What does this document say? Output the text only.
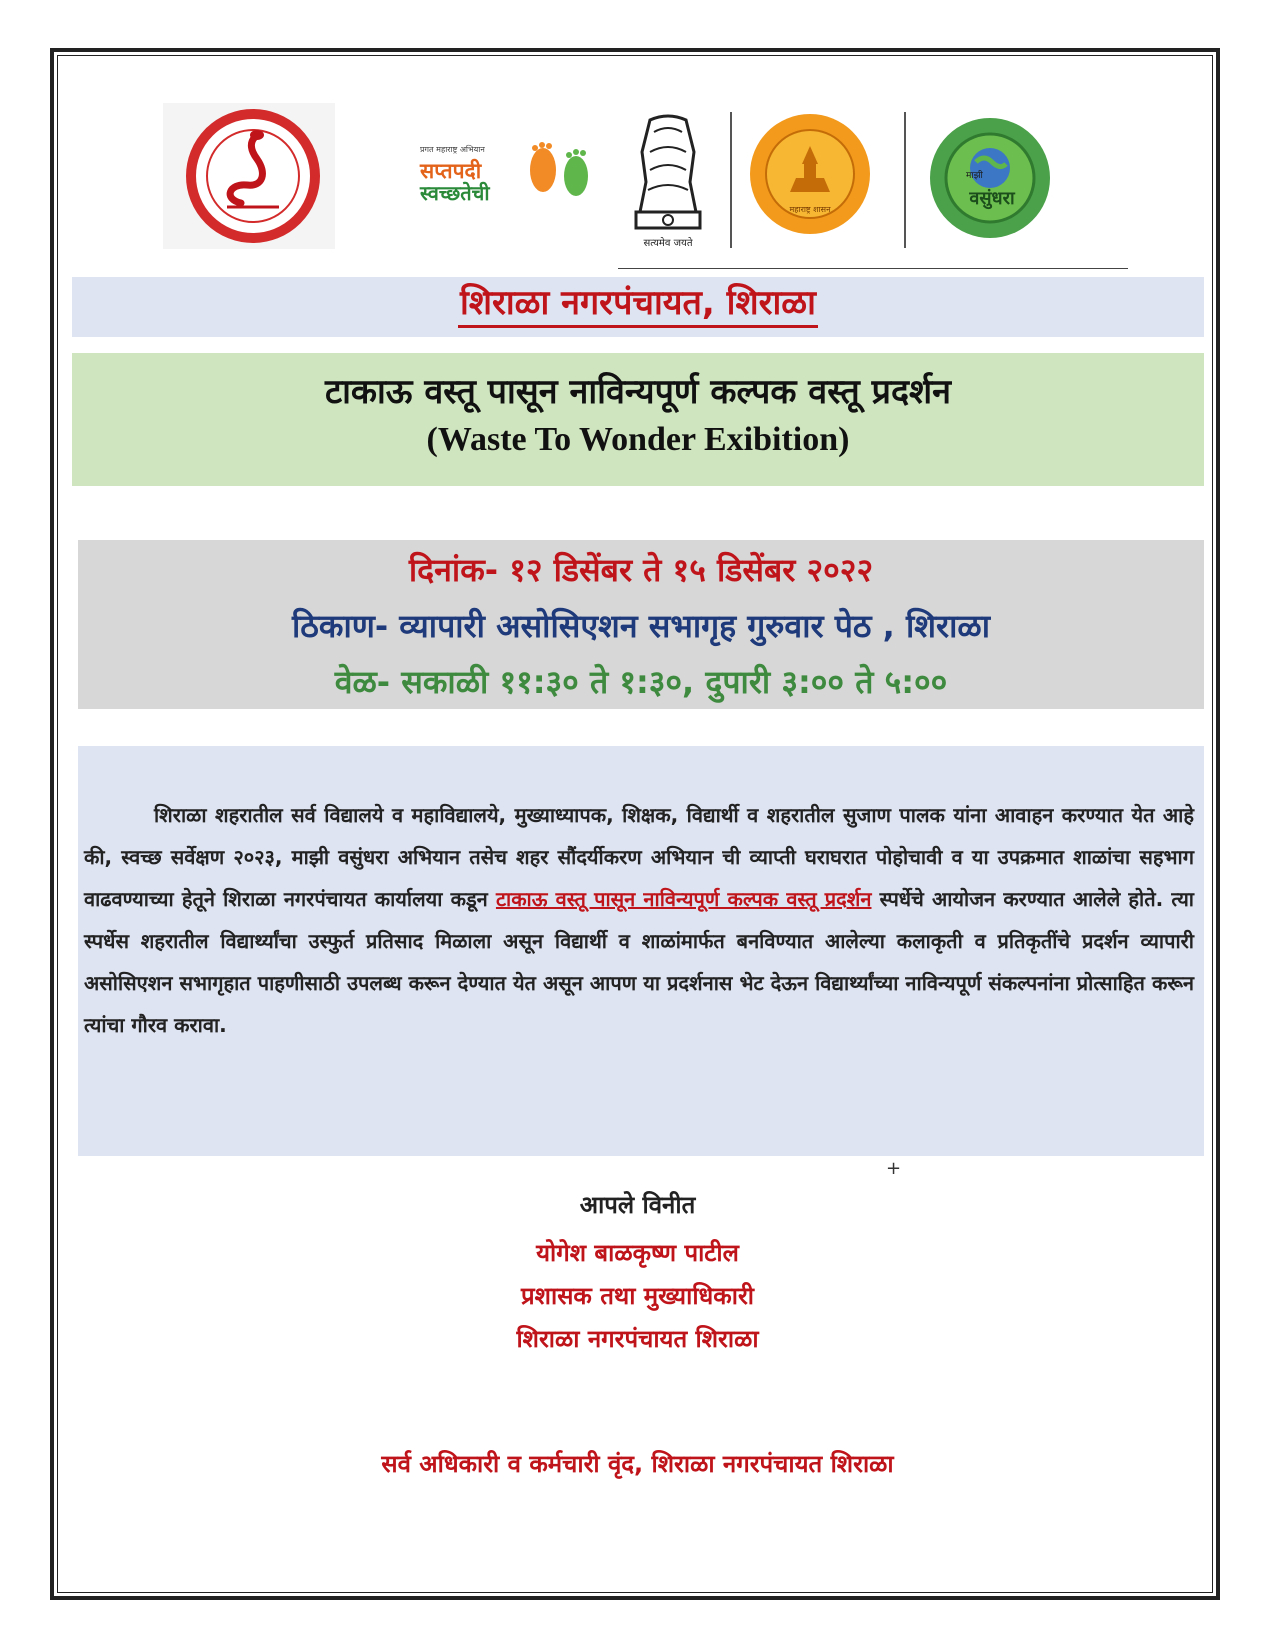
प्रगत महाराष्ट्र अभियान
सप्तपदी
स्वच्छतेची
सत्यमेव जयते
महाराष्ट्र शासन
माझी
वसुंधरा
शिराळा नगरपंचायत, शिराळा
टाकाऊ वस्तू पासून नाविन्यपूर्ण कल्पक वस्तू प्रदर्शन
(Waste To Wonder Exibition)
दिनांक- १२ डिसेंबर ते १५ डिसेंबर २०२२
ठिकाण- व्यापारी असोसिएशन सभागृह गुरुवार पेठ , शिराळा
वेळ- सकाळी ११:३० ते १:३०, दुपारी ३:०० ते ५:००

शिराळा शहरातील सर्व विद्यालये व महाविद्यालये, मुख्याध्यापक, शिक्षक, विद्यार्थी व शहरातील सुजाण पालक यांना आवाहन करण्यात येत आहे की, स्वच्छ सर्वेक्षण २०२३, माझी वसुंधरा अभियान तसेच शहर सौंदर्यीकरण अभियान ची व्याप्ती घराघरात पोहोचावी व या उपक्रमात शाळांचा सहभाग वाढवण्याच्या हेतूने शिराळा नगरपंचायत कार्यालया कडून टाकाऊ वस्तू पासून नाविन्यपूर्ण कल्पक वस्तू प्रदर्शन स्पर्धेचे आयोजन करण्यात आलेले होते. त्या स्पर्धेस शहरातील विद्यार्थ्यांचा उस्फुर्त प्रतिसाद मिळाला असून विद्यार्थी व शाळांमार्फत बनविण्यात आलेल्या कलाकृती व प्रतिकृतींचे प्रदर्शन व्यापारी असोसिएशन सभागृहात पाहणीसाठी उपलब्ध करून देण्यात येत असून आपण या प्रदर्शनास भेट देऊन विद्यार्थ्यांच्या नाविन्यपूर्ण संकल्पनांना प्रोत्साहित करून त्यांचा गौरव करावा.

+
आपले विनीत
योगेश बाळकृष्ण पाटील
प्रशासक तथा मुख्याधिकारी
शिराळा नगरपंचायत शिराळा
सर्व अधिकारी व कर्मचारी वृंद, शिराळा नगरपंचायत शिराळा
